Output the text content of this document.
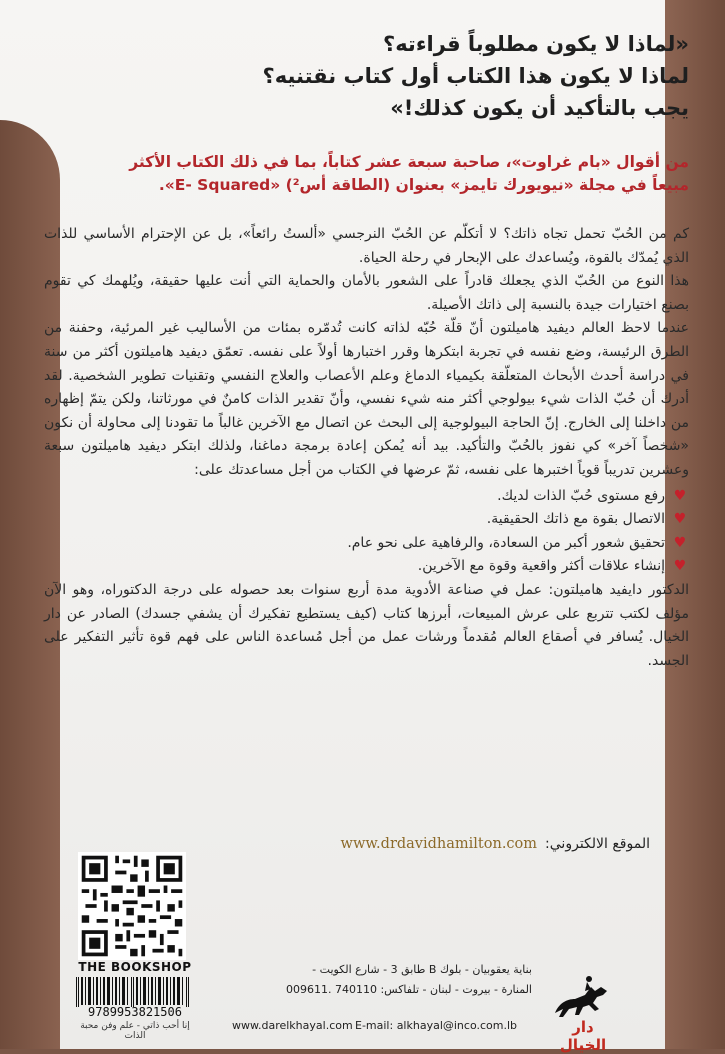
«لماذا لا يكون مطلوباً قراءته؟
لماذا لا يكون هذا الكتاب أول كتاب نقتنيه؟
يجب بالتأكيد أن يكون كذلك!»
من أقوال «بام غراوت»، صاحبة سبعة عشر كتاباً، بما في ذلك الكتاب الأكثر
مبيعاً في مجلة «نيويورك تايمز» بعنوان (الطاقة أس²) «E- Squared».

كم من الحُبّ تحمل تجاه ذاتك؟ لا أتكلّم عن الحُبّ النرجسي «ألستُ رائعاً»، بل عن الإحترام الأساسي للذات الذي يُمدّك بالقوة، ويُساعدك على الإبحار في رحلة الحياة.

هذا النوع من الحُبّ الذي يجعلك قادراً على الشعور بالأمان والحماية التي أنت عليها حقيقة، ويُلهمك كي تقوم بصنع اختيارات جيدة بالنسبة إلى ذاتك الأصيلة.

عندما لاحظ العالم ديفيد هاميلتون أنّ قلّة حُبّه لذاته كانت تُدمّره بمئات من الأساليب غير المرئية، وحفنة من الطرق الرئيسة، وضع نفسه في تجربة ابتكرها وقرر اختبارها أولاً على نفسه. تعمّق ديفيد هاميلتون أكثر من سنة في دراسة أحدث الأبحاث المتعلّقة بكيمياء الدماغ وعلم الأعصاب والعلاج النفسي وتقنيات تطوير الشخصية. لقد أدرك أن حُبّ الذات شيء بيولوجي أكثر منه شيء نفسي، وأنّ تقدير الذات كامنٌ في مورثاتنا، ولكن يتمّ إظهاره من داخلنا إلى الخارج. إنّ الحاجة البيولوجية إلى البحث عن اتصال مع الآخرين غالباً ما تقودنا إلى محاولة أن نكون «شخصاً آخر» كي نفوز بالحُبّ والتأكيد. بيد أنه يُمكن إعادة برمجة دماغنا، ولذلك ابتكر ديفيد هاميلتون سبعة وعشرين تدريباً قوياً اختبرها على نفسه، ثمّ عرضها في الكتاب من أجل مساعدتك على:

♥
رفع مستوى حُبّ الذات لديك.
♥
الاتصال بقوة مع ذاتك الحقيقية.
♥
تحقيق شعور أكبر من السعادة، والرفاهية على نحو عام.
♥
إنشاء علاقات أكثر واقعية وقوة مع الآخرين.

الدكتور دايفيد هاميلتون: عمل في صناعة الأدوية مدة أربع سنوات بعد حصوله على درجة الدكتوراه، وهو الآن مؤلف لكتب تتربع على عرش المبيعات، أبرزها كتاب (كيف يستطيع تفكيرك أن يشفي جسدك) الصادر عن دار الخيال. يُسافر في أصقاع العالم مُقدماً ورشات عمل من أجل مُساعدة الناس على فهم قوة تأثير التفكير على الجسد.

الموقع الالكتروني:
www.drdavidhamilton.com
THE BOOKSHOP
9789953821506
إنا أحب ذاتي - علم وفن محبة الذات
بناية يعقوبيان - بلوك B طابق 3 - شارع الكويت -
المنارة - بيروت - لبنان - تلفاكس: 740110 .009611
www.darelkhayal.com E-mail: alkhayal@inco.com.lb	دار الخيال
